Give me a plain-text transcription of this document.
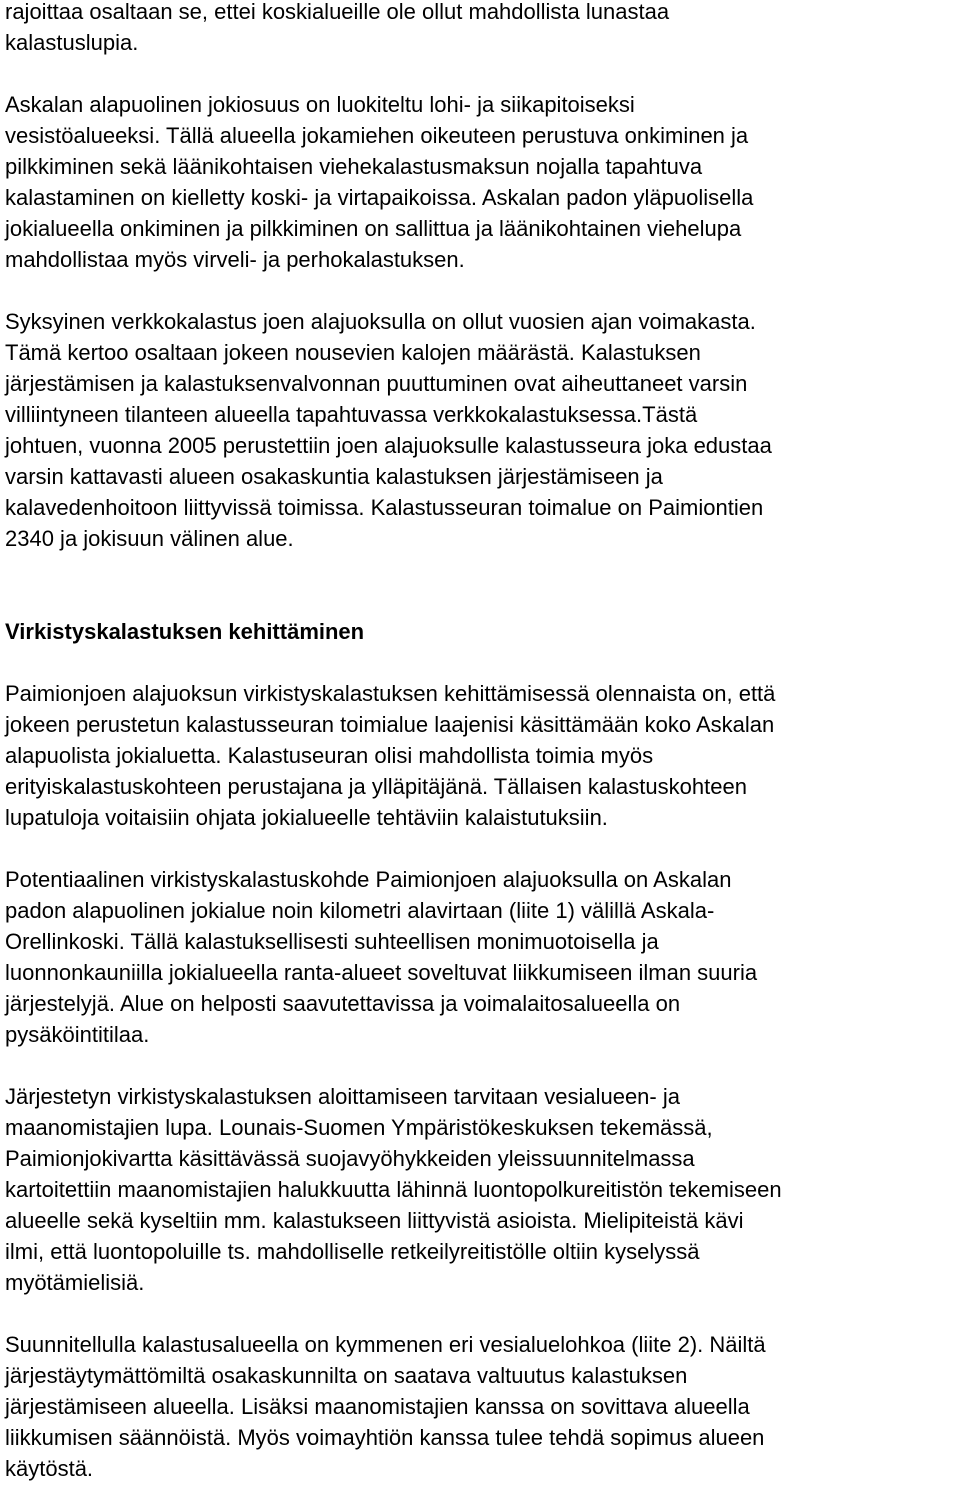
rajoittaa osaltaan se, ettei koskialueille ole ollut mahdollista lunastaa
kalastuslupia.
Askalan alapuolinen jokiosuus on luokiteltu lohi- ja siikapitoiseksi
vesistöalueeksi. Tällä alueella jokamiehen oikeuteen perustuva onkiminen ja
pilkkiminen sekä läänikohtaisen viehekalastusmaksun nojalla tapahtuva
kalastaminen on kielletty koski- ja virtapaikoissa. Askalan padon yläpuolisella
jokialueella onkiminen ja pilkkiminen on sallittua ja läänikohtainen viehelupa
mahdollistaa myös virveli- ja perhokalastuksen.
Syksyinen verkkokalastus joen alajuoksulla on ollut vuosien ajan voimakasta.
Tämä kertoo osaltaan jokeen nousevien kalojen määrästä. Kalastuksen
järjestämisen ja kalastuksenvalvonnan puuttuminen ovat aiheuttaneet varsin
villiintyneen tilanteen alueella tapahtuvassa verkkokalastuksessa.Tästä
johtuen, vuonna 2005 perustettiin joen alajuoksulle kalastusseura joka edustaa
varsin kattavasti alueen osakaskuntia kalastuksen järjestämiseen ja
kalavedenhoitoon liittyvissä toimissa. Kalastusseuran toimalue on Paimiontien
2340 ja jokisuun välinen alue.
Virkistyskalastuksen kehittäminen
Paimionjoen alajuoksun virkistyskalastuksen kehittämisessä olennaista on, että
jokeen perustetun kalastusseuran toimialue laajenisi käsittämään koko Askalan
alapuolista jokialuetta. Kalastuseuran olisi mahdollista toimia myös
erityiskalastuskohteen perustajana ja ylläpitäjänä. Tällaisen kalastuskohteen
lupatuloja voitaisiin ohjata jokialueelle tehtäviin kalaistutuksiin.
Potentiaalinen virkistyskalastuskohde Paimionjoen alajuoksulla on Askalan
padon alapuolinen jokialue noin kilometri alavirtaan (liite 1) välillä Askala-
Orellinkoski. Tällä kalastuksellisesti suhteellisen monimuotoisella ja
luonnonkauniilla jokialueella ranta-alueet soveltuvat liikkumiseen ilman suuria
järjestelyjä. Alue on helposti saavutettavissa ja voimalaitosalueella on
pysäköintitilaa.
Järjestetyn virkistyskalastuksen aloittamiseen tarvitaan vesialueen- ja
maanomistajien lupa. Lounais-Suomen Ympäristökeskuksen tekemässä,
Paimionjokivartta käsittävässä suojavyöhykkeiden yleissuunnitelmassa
kartoitettiin maanomistajien halukkuutta lähinnä luontopolkureitistön tekemiseen
alueelle sekä kyseltiin mm. kalastukseen liittyvistä asioista. Mielipiteistä kävi
ilmi, että luontopoluille ts. mahdolliselle retkeilyreitistölle oltiin kyselyssä
myötämielisiä.
Suunnitellulla kalastusalueella on kymmenen eri vesialuelohkoa (liite 2). Näiltä
järjestäytymättömiltä osakaskunnilta on saatava valtuutus kalastuksen
järjestämiseen alueella. Lisäksi maanomistajien kanssa on sovittava alueella
liikkumisen säännöistä. Myös voimayhtiön kanssa tulee tehdä sopimus alueen
käytöstä.
